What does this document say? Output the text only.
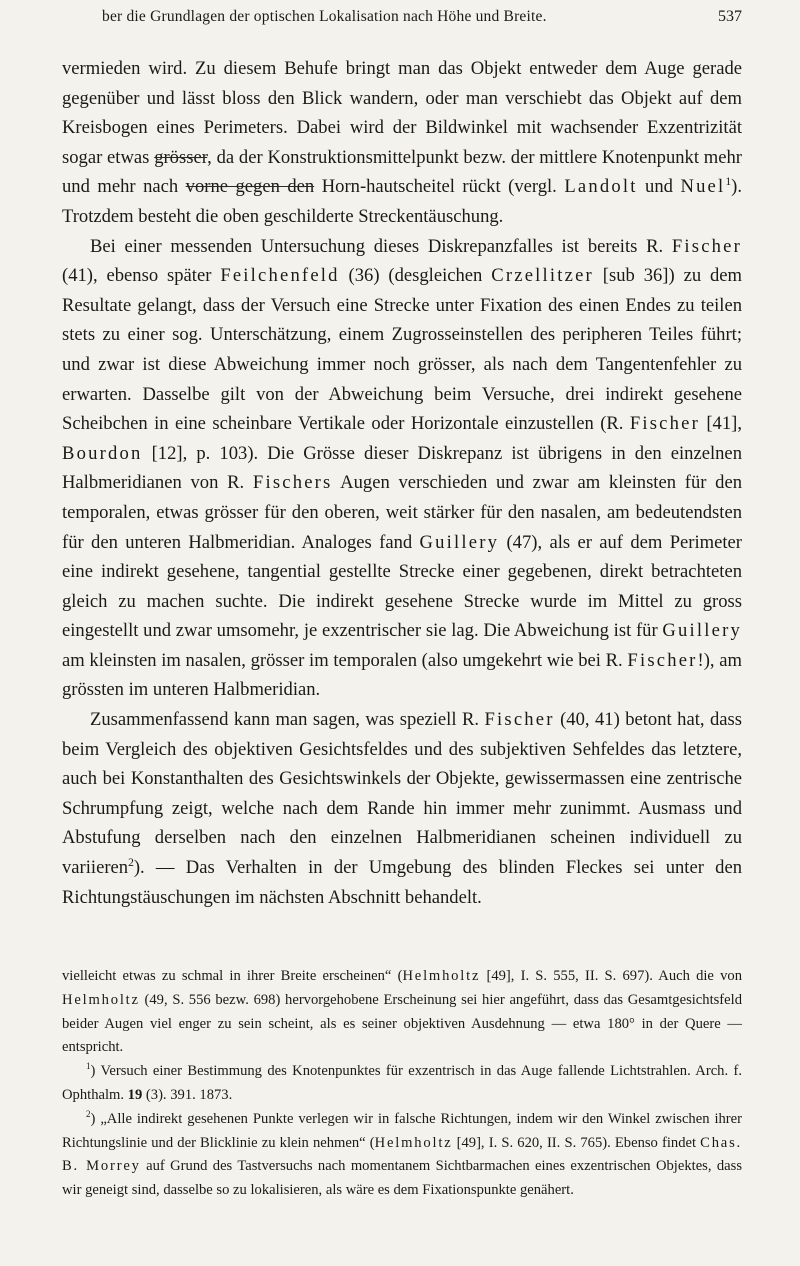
ber die Grundlagen der optischen Lokalisation nach Höhe und Breite.	537

vermieden wird. Zu diesem Behufe bringt man das Objekt entweder dem Auge gerade gegenüber und lässt bloss den Blick wandern, oder man verschiebt das Objekt auf dem Kreisbogen eines Perimeters. Dabei wird der Bildwinkel mit wachsender Exzentrizität sogar etwas grösser, da der Konstruktionsmittelpunkt bezw. der mittlere Knotenpunkt mehr und mehr nach vorne gegen den Horn-hautscheitel rückt (vergl. Landolt und Nuel$^1$). Trotzdem besteht die oben geschilderte Streckentäuschung.

Bei einer messenden Untersuchung dieses Diskrepanzfalles ist bereits R. Fischer (41), ebenso später Feilchenfeld (36) (desgleichen Crzellitzer [sub 36]) zu dem Resultate gelangt, dass der Versuch eine Strecke unter Fixation des einen Endes zu teilen stets zu einer sog. Unterschätzung, einem Zugrosseinstellen des peripheren Teiles führt; und zwar ist diese Abweichung immer noch grösser, als nach dem Tangentenfehler zu erwarten. Dasselbe gilt von der Abweichung beim Versuche, drei indirekt gesehene Scheibchen in eine scheinbare Vertikale oder Horizontale einzustellen (R. Fischer [41], Bourdon [12], p. 103). Die Grösse dieser Diskrepanz ist übrigens in den einzelnen Halbmeridianen von R. Fischers Augen verschieden und zwar am kleinsten für den temporalen, etwas grösser für den oberen, weit stärker für den nasalen, am bedeutendsten für den unteren Halbmeridian. Analoges fand Guillery (47), als er auf dem Perimeter eine indirekt gesehene, tangential gestellte Strecke einer gegebenen, direkt betrachteten gleich zu machen suchte. Die indirekt gesehene Strecke wurde im Mittel zu gross eingestellt und zwar umsomehr, je exzentrischer sie lag. Die Abweichung ist für Guillery am kleinsten im nasalen, grösser im temporalen (also umgekehrt wie bei R. Fischer!), am grössten im unteren Halbmeridian.

Zusammenfassend kann man sagen, was speziell R. Fischer (40, 41) betont hat, dass beim Vergleich des objektiven Gesichtsfeldes und des subjektiven Sehfeldes das letztere, auch bei Konstanthalten des Gesichtswinkels der Objekte, gewissermassen eine zentrische Schrumpfung zeigt, welche nach dem Rande hin immer mehr zunimmt. Ausmass und Abstufung derselben nach den einzelnen Halbmeridianen scheinen individuell zu variieren$^2$). — Das Verhalten in der Umgebung des blinden Fleckes sei unter den Richtungstäuschungen im nächsten Abschnitt behandelt.

vielleicht etwas zu schmal in ihrer Breite erscheinen“ (Helmholtz [49], I. S. 555, II. S. 697). Auch die von Helmholtz (49, S. 556 bezw. 698) hervorgehobene Erscheinung sei hier angeführt, dass das Gesamtgesichtsfeld beider Augen viel enger zu sein scheint, als es seiner objektiven Ausdehnung — etwa 180° in der Quere — entspricht.

$^1$) Versuch einer Bestimmung des Knotenpunktes für exzentrisch in das Auge fallende Lichtstrahlen. Arch. f. Ophthalm. 19 (3). 391. 1873.

$^2$) „Alle indirekt gesehenen Punkte verlegen wir in falsche Richtungen, indem wir den Winkel zwischen ihrer Richtungslinie und der Blicklinie zu klein nehmen“ (Helmholtz [49], I. S. 620, II. S. 765). Ebenso findet Chas. B. Morrey auf Grund des Tastversuchs nach momentanem Sichtbarmachen eines exzentrischen Objektes, dass wir geneigt sind, dasselbe so zu lokalisieren, als wäre es dem Fixationspunkte genähert.
